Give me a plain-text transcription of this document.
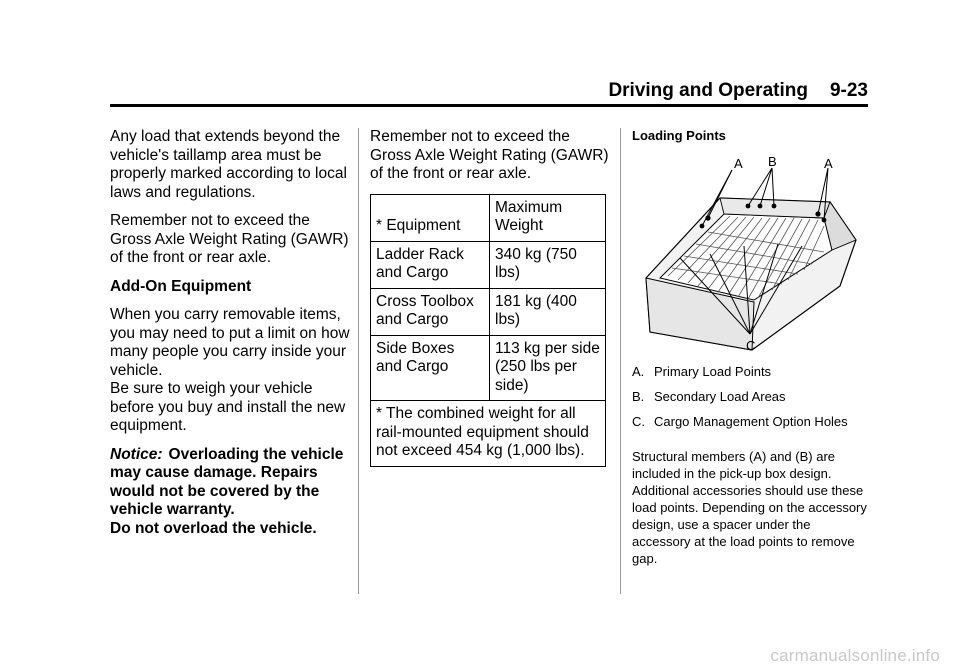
Driving and Operating 9-23

Any load that extends beyond the vehicle's taillamp area must be properly marked according to local laws and regulations.

Remember not to exceed the Gross Axle Weight Rating (GAWR) of the front or rear axle.

Add-On Equipment

When you carry removable items, you may need to put a limit on how many people you carry inside your vehicle.
Be sure to weigh your vehicle before you buy and install the new equipment.

Notice: Overloading the vehicle may cause damage. Repairs would not be covered by the vehicle warranty.
Do not overload the vehicle.

Remember not to exceed the Gross Axle Weight Rating (GAWR) of the front or rear axle.

* Equipment	Maximum Weight
Ladder Rack and Cargo	340 kg (750 lbs)
Cross Toolbox and Cargo	181 kg (400 lbs)
Side Boxes and Cargo	113 kg per side (250 lbs per side)
* The combined weight for all rail-mounted equipment should not exceed 454 kg (1,000 lbs).	
Loading Points
A B	A
C
A. Primary Load Points
B. Secondary Load Areas
C. Cargo Management Option Holes
Structural members (A) and (B) are included in the pick-up box design. Additional accessories should use these load points. Depending on the accessory design, use a spacer under the accessory at the load points to remove gap.
carmanualsonline.info
